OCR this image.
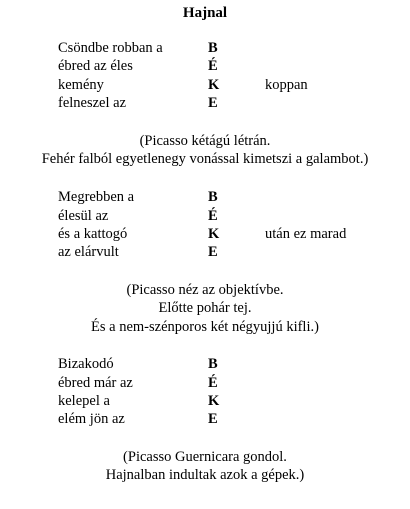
Hajnal
Csöndbe robban a	B
ébred az éles	É
kemény	K	koppan
felneszel az	E
(Picasso kétágú létrán.
Fehér falból egyetlenegy vonással kimetszi a galambot.)
Megrebben a	B
élesül az	É
és a kattogó	K	után ez marad
az elárvult	E
(Picasso néz az objektívbe.
Előtte pohár tej.
És a nem-szénporos két négyujjú kifli.)
Bizakodó	B
ébred már az	É
kelepel a	K
elém jön az	E
(Picasso Guernicara gondol.
Hajnalban indultak azok a gépek.)
